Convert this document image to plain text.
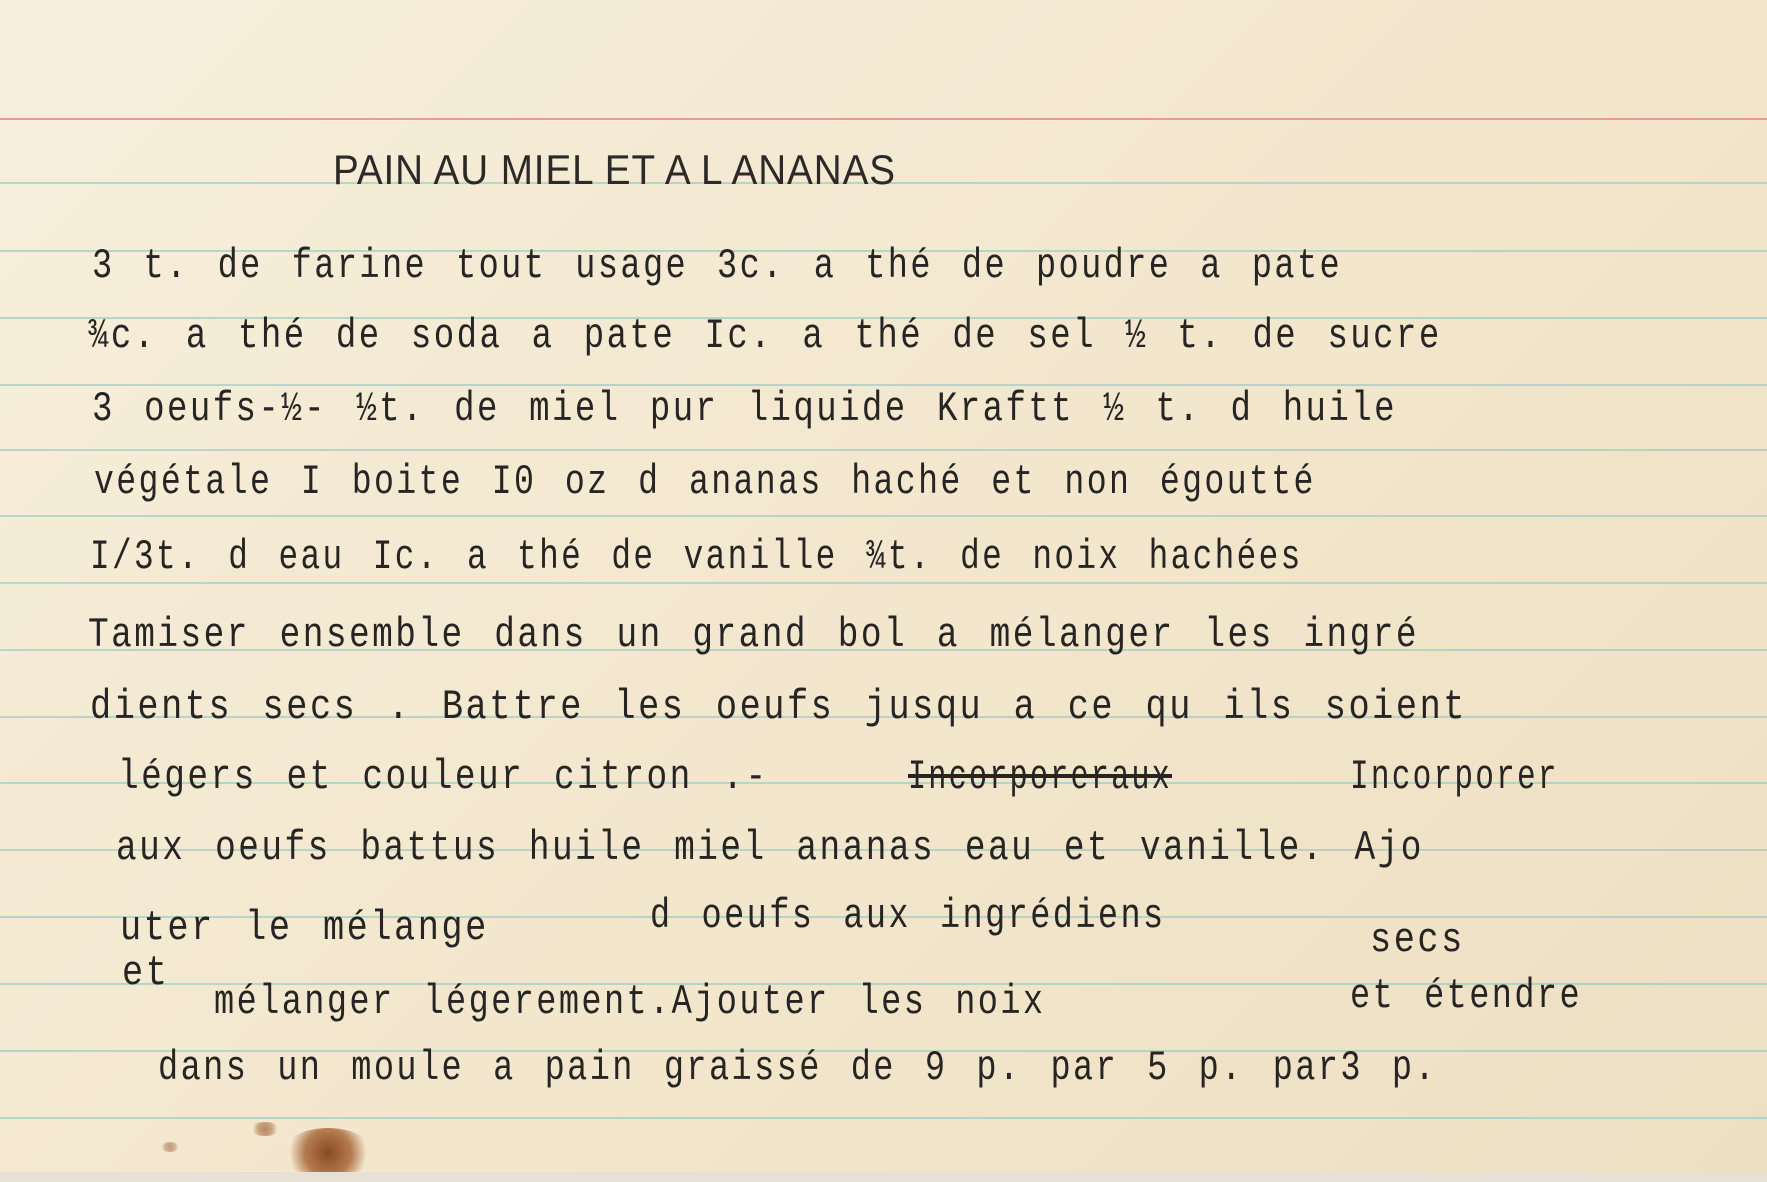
PAIN AU MIEL ET A L ANANAS
3 t. de farine tout usage 3c. a thé de poudre a pate
¾c. a thé de soda a pate Ic. a thé de sel ½ t. de sucre
3 oeufs-½- ½t. de miel pur liquide Kraftt ½ t. d huile
végétale I boite I0 oz d ananas haché et non égoutté
I/3t. d eau Ic. a thé de vanille ¾t. de noix hachées
Tamiser ensemble dans un grand bol a mélanger les ingré
dients secs . Battre les oeufs jusqu a ce qu ils soient
légers et couleur citron .-	Incorporeraux	Incorporer
aux oeufs battus huile miel ananas eau et vanille. Ajo
uter le mélange	d oeufs aux ingrédiens	secs
et
mélanger légerement.Ajouter les noix	et étendre
dans un moule a pain graissé de 9 p. par 5 p. par3 p.
